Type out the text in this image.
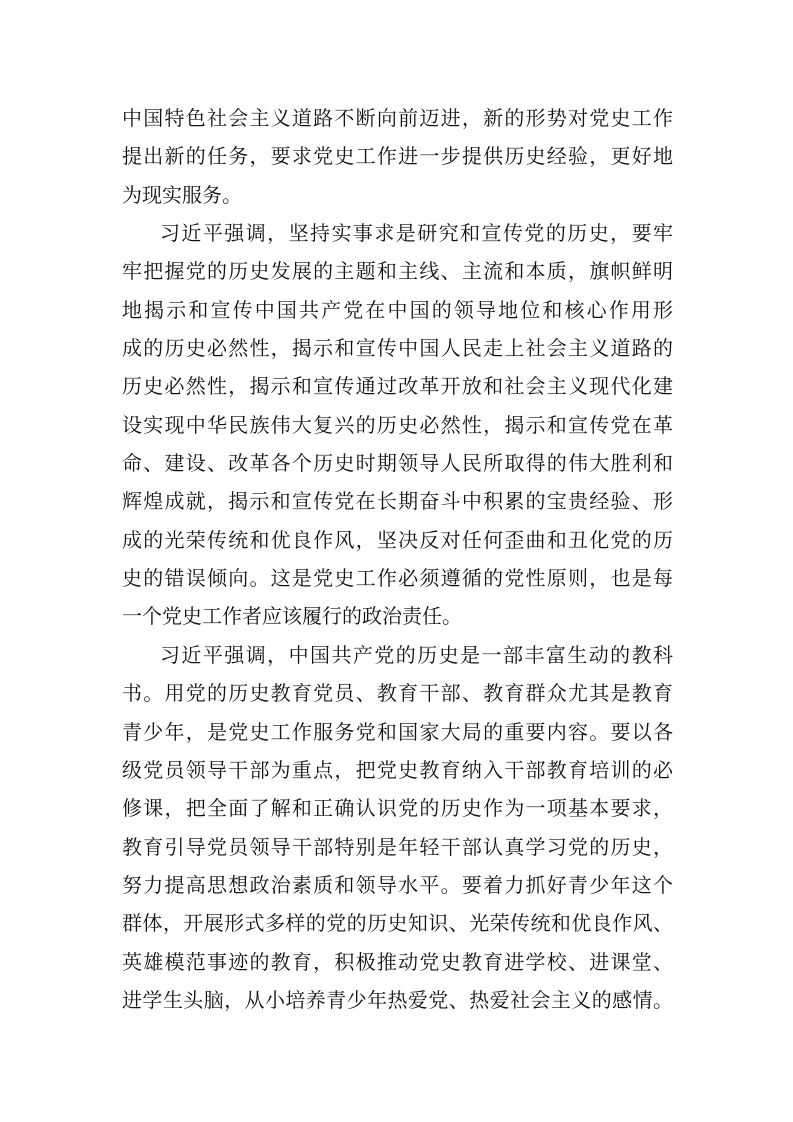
中国特色社会主义道路不断向前迈进，新的形势对党史工作
提出新的任务，要求党史工作进一步提供历史经验，更好地
为现实服务。
习近平强调，坚持实事求是研究和宣传党的历史，要牢
牢把握党的历史发展的主题和主线、主流和本质，旗帜鲜明
地揭示和宣传中国共产党在中国的领导地位和核心作用形
成的历史必然性，揭示和宣传中国人民走上社会主义道路的
历史必然性，揭示和宣传通过改革开放和社会主义现代化建
设实现中华民族伟大复兴的历史必然性，揭示和宣传党在革
命、建设、改革各个历史时期领导人民所取得的伟大胜利和
辉煌成就，揭示和宣传党在长期奋斗中积累的宝贵经验、形
成的光荣传统和优良作风，坚决反对任何歪曲和丑化党的历
史的错误倾向。这是党史工作必须遵循的党性原则，也是每
一个党史工作者应该履行的政治责任。
习近平强调，中国共产党的历史是一部丰富生动的教科
书。用党的历史教育党员、教育干部、教育群众尤其是教育
青少年，是党史工作服务党和国家大局的重要内容。要以各
级党员领导干部为重点，把党史教育纳入干部教育培训的必
修课，把全面了解和正确认识党的历史作为一项基本要求，
教育引导党员领导干部特别是年轻干部认真学习党的历史，
努力提高思想政治素质和领导水平。要着力抓好青少年这个
群体，开展形式多样的党的历史知识、光荣传统和优良作风、
英雄模范事迹的教育，积极推动党史教育进学校、进课堂、
进学生头脑，从小培养青少年热爱党、热爱社会主义的感情。
